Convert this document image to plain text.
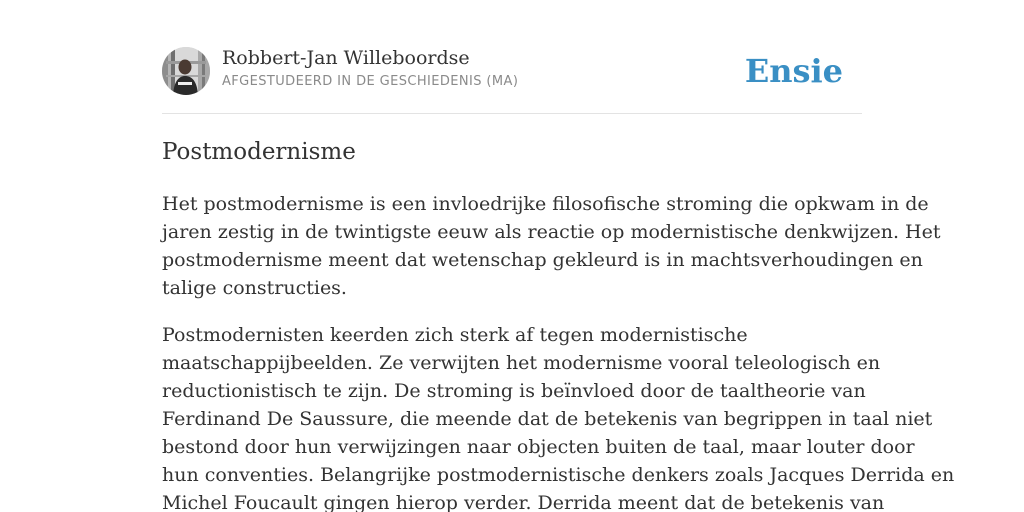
Robbert-Jan Willeboordse
AFGESTUDEERD IN DE GESCHIEDENIS (MA)	Ensie
Postmodernisme

Het postmodernisme is een invloedrijke filosofische stroming die opkwam in de
jaren zestig in de twintigste eeuw als reactie op modernistische denkwijzen. Het
postmodernisme meent dat wetenschap gekleurd is in machtsverhoudingen en
talige constructies.

Postmodernisten keerden zich sterk af tegen modernistische
maatschappijbeelden. Ze verwijten het modernisme vooral teleologisch en
reductionistisch te zijn. De stroming is beïnvloed door de taaltheorie van
Ferdinand De Saussure, die meende dat de betekenis van begrippen in taal niet
bestond door hun verwijzingen naar objecten buiten de taal, maar louter door
hun conventies. Belangrijke postmodernistische denkers zoals Jacques Derrida en
Michel Foucault gingen hierop verder. Derrida meent dat de betekenis van
